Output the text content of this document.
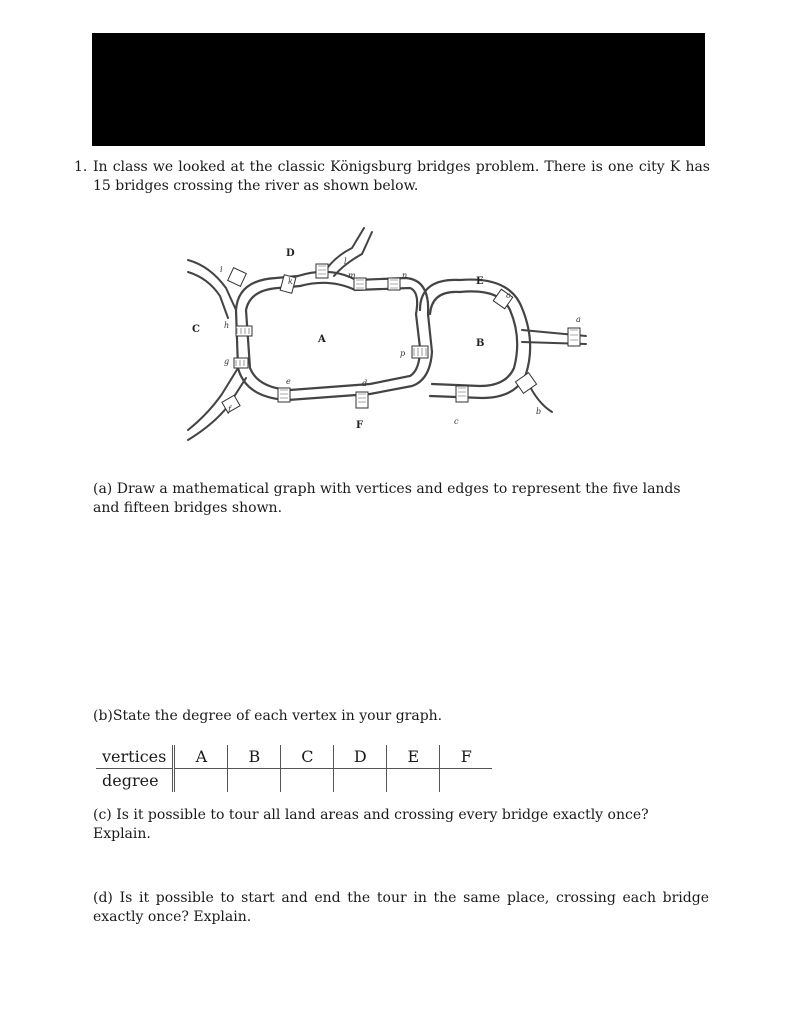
1. In class we looked at the classic Königsburg bridges problem. There is one city K has 15 bridges crossing the river as shown below.
D
C
A
E
B
F
a
b
c
d
e
f
g
h
i
k
l
m	n
o
p
(a) Draw a mathematical graph with vertices and edges to represent the five lands and fifteen bridges shown.
(b)State the degree of each vertex in your graph.
vertices	A	B	C	D	E	F
degree						
(c) Is it possible to tour all land areas and crossing every bridge exactly once? Explain.
(d) Is it possible to start and end the tour in the same place, crossing each bridge exactly once? Explain.
